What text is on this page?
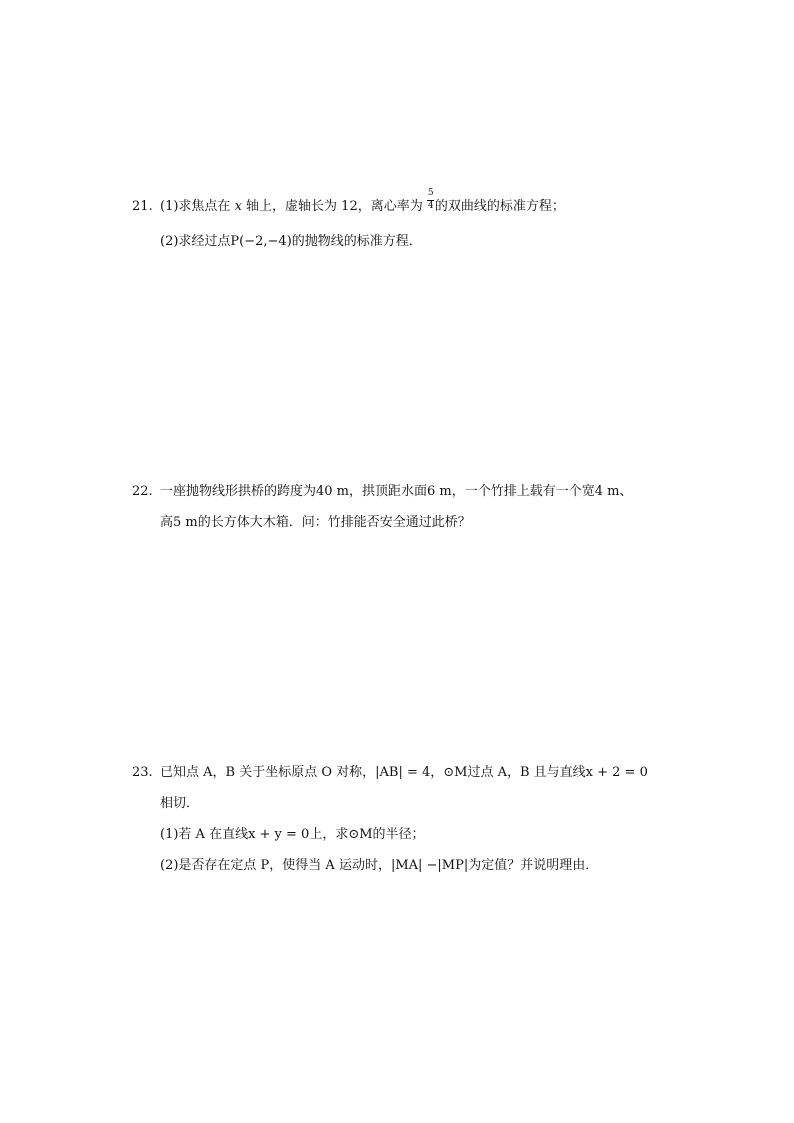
21. (1)求焦点在 x 轴上，虚轴长为 12，离心率为 $\frac{5}{4}$ 的双曲线的标准方程；
(2)求经过点P(−2,−4)的抛物线的标准方程．
22. 一座抛物线形拱桥的跨度为40 m，拱顶距水面6 m，一个竹排上载有一个宽4 m、
高5 m的长方体大木箱．问：竹排能否安全通过此桥？
23. 已知点 A，B 关于坐标原点 O 对称，|AB| = 4，⊙M过点 A，B 且与直线x + 2 = 0
相切．
(1)若 A 在直线x + y = 0上，求⊙M的半径；
(2)是否存在定点 P，使得当 A 运动时，|MA| −|MP|为定值？并说明理由．
